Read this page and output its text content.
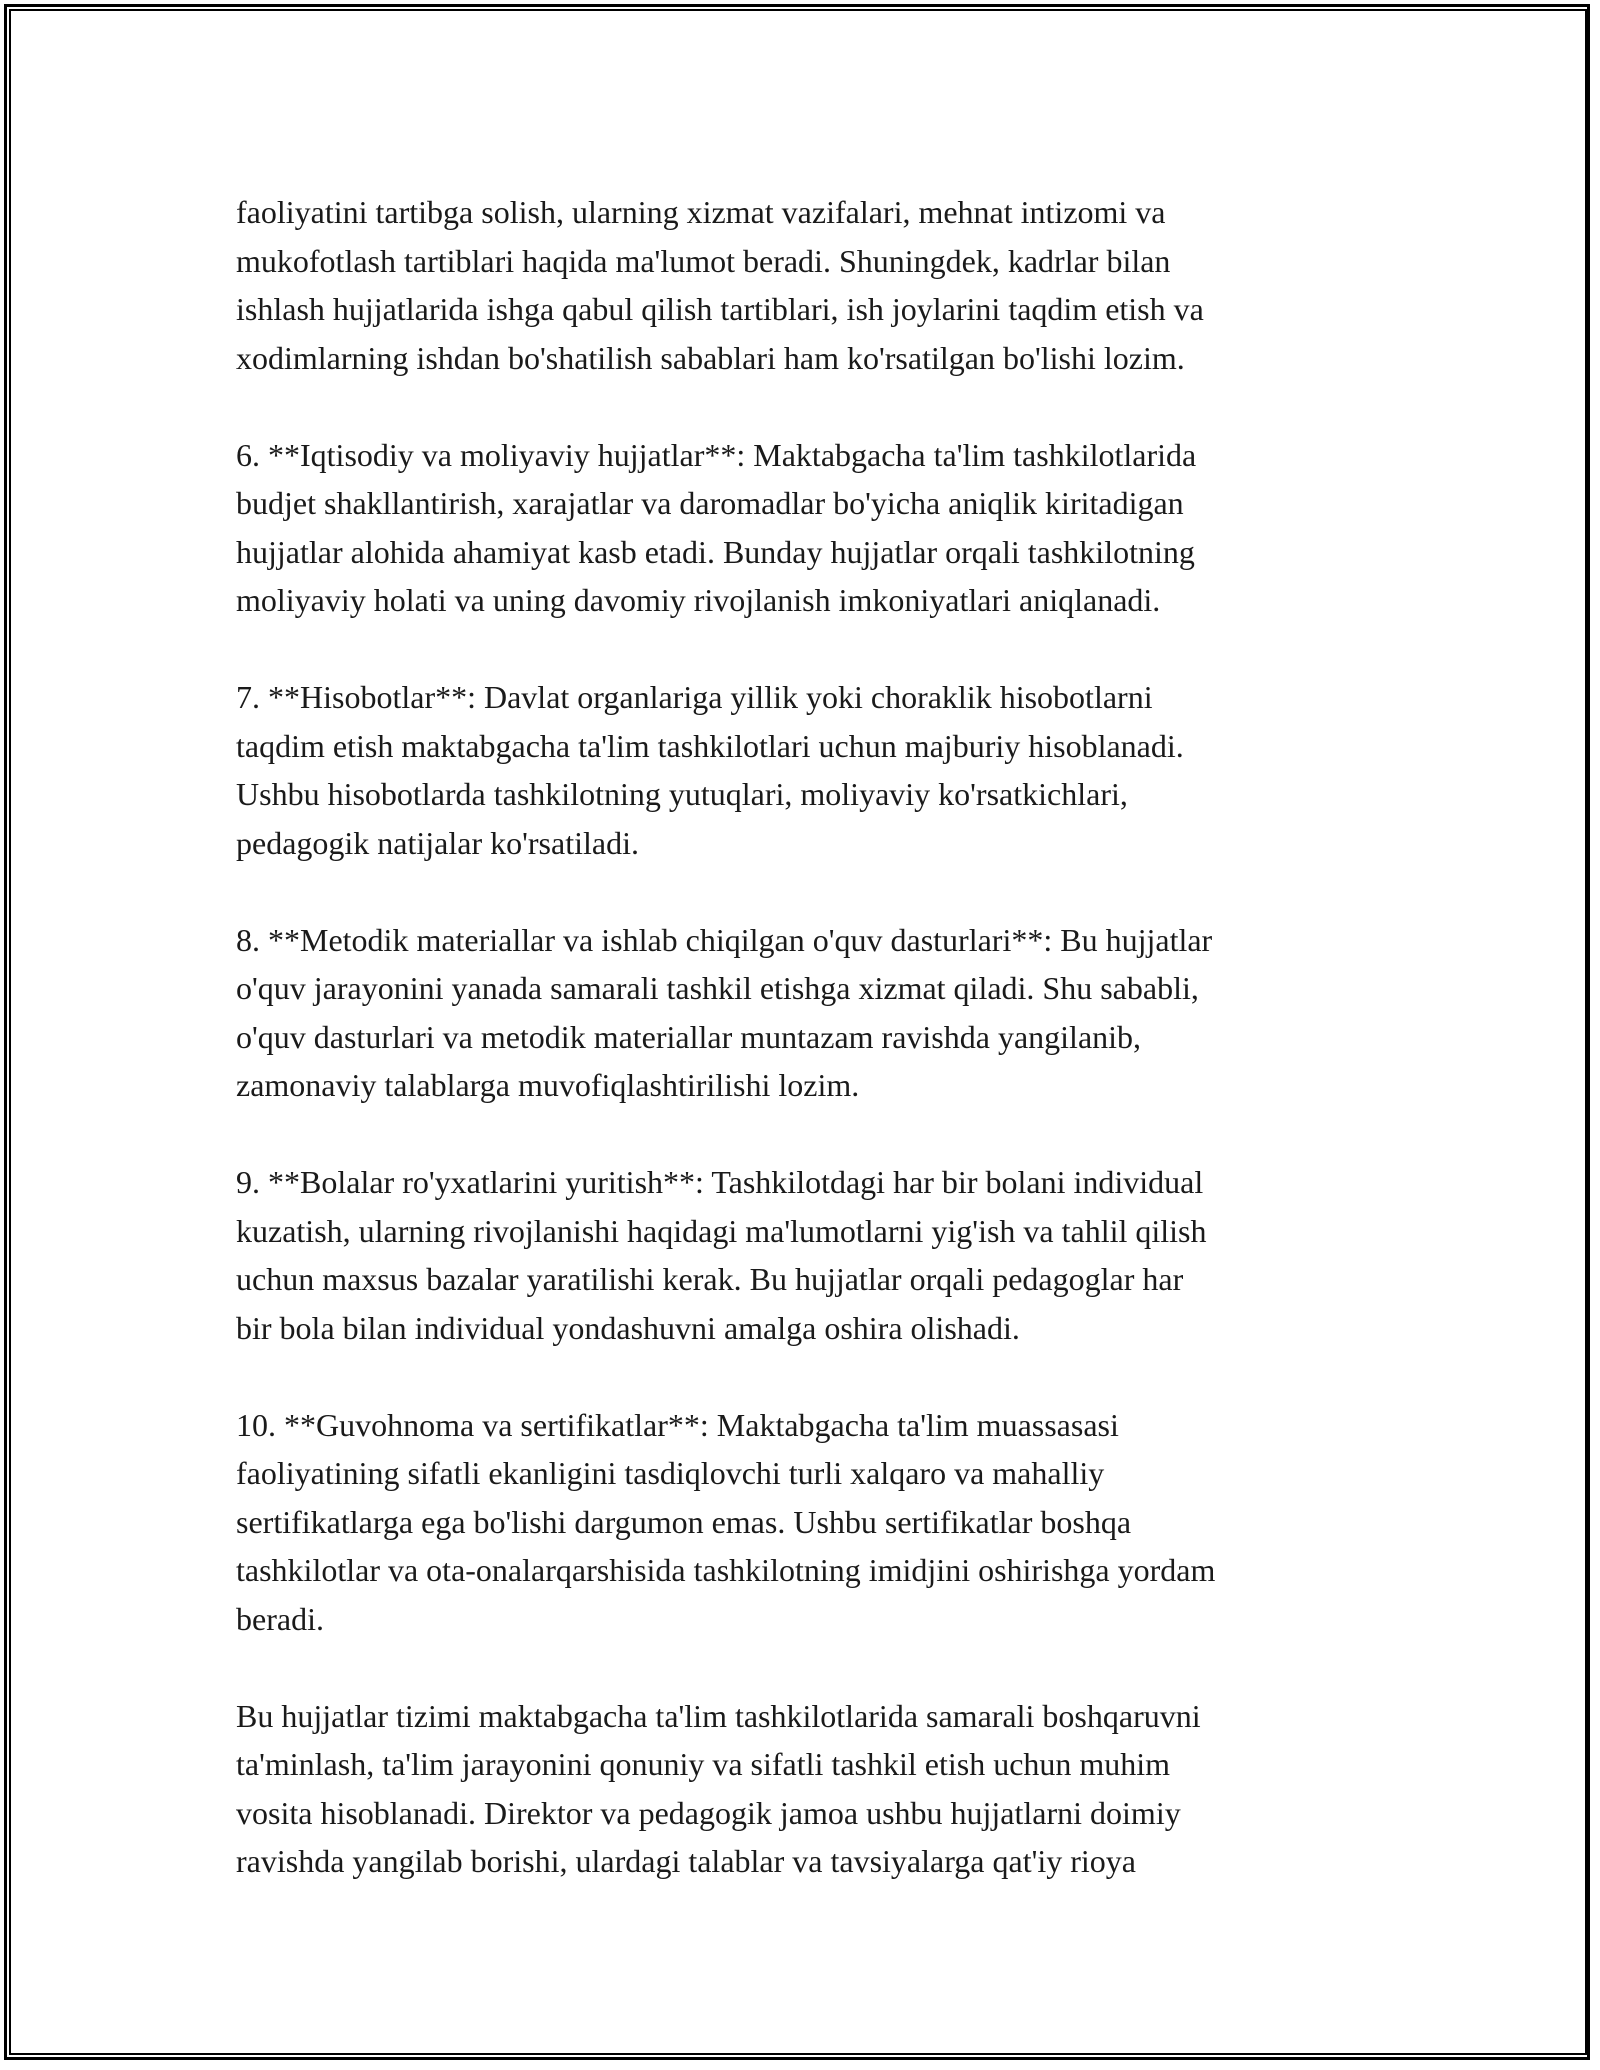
faoliyatini tartibga solish, ularning xizmat vazifalari, mehnat intizomi va
mukofotlash tartiblari haqida ma'lumot beradi. Shuningdek, kadrlar bilan
ishlash hujjatlarida ishga qabul qilish tartiblari, ish joylarini taqdim etish va
xodimlarning ishdan bo'shatilish sabablari ham ko'rsatilgan bo'lishi lozim.

6. **Iqtisodiy va moliyaviy hujjatlar**: Maktabgacha ta'lim tashkilotlarida
budjet shakllantirish, xarajatlar va daromadlar bo'yicha aniqlik kiritadigan
hujjatlar alohida ahamiyat kasb etadi. Bunday hujjatlar orqali tashkilotning
moliyaviy holati va uning davomiy rivojlanish imkoniyatlari aniqlanadi.

7. **Hisobotlar**: Davlat organlariga yillik yoki choraklik hisobotlarni
taqdim etish maktabgacha ta'lim tashkilotlari uchun majburiy hisoblanadi.
Ushbu hisobotlarda tashkilotning yutuqlari, moliyaviy ko'rsatkichlari,
pedagogik natijalar ko'rsatiladi.

8. **Metodik materiallar va ishlab chiqilgan o'quv dasturlari**: Bu hujjatlar
o'quv jarayonini yanada samarali tashkil etishga xizmat qiladi. Shu sababli,
o'quv dasturlari va metodik materiallar muntazam ravishda yangilanib,
zamonaviy talablarga muvofiqlashtirilishi lozim.

9. **Bolalar ro'yxatlarini yuritish**: Tashkilotdagi har bir bolani individual
kuzatish, ularning rivojlanishi haqidagi ma'lumotlarni yig'ish va tahlil qilish
uchun maxsus bazalar yaratilishi kerak. Bu hujjatlar orqali pedagoglar har
bir bola bilan individual yondashuvni amalga oshira olishadi.

10. **Guvohnoma va sertifikatlar**: Maktabgacha ta'lim muassasasi
faoliyatining sifatli ekanligini tasdiqlovchi turli xalqaro va mahalliy
sertifikatlarga ega bo'lishi dargumon emas. Ushbu sertifikatlar boshqa
tashkilotlar va ota-onalarqarshisida tashkilotning imidjini oshirishga yordam
beradi.

Bu hujjatlar tizimi maktabgacha ta'lim tashkilotlarida samarali boshqaruvni
ta'minlash, ta'lim jarayonini qonuniy va sifatli tashkil etish uchun muhim
vosita hisoblanadi. Direktor va pedagogik jamoa ushbu hujjatlarni doimiy
ravishda yangilab borishi, ulardagi talablar va tavsiyalarga qat'iy rioya
